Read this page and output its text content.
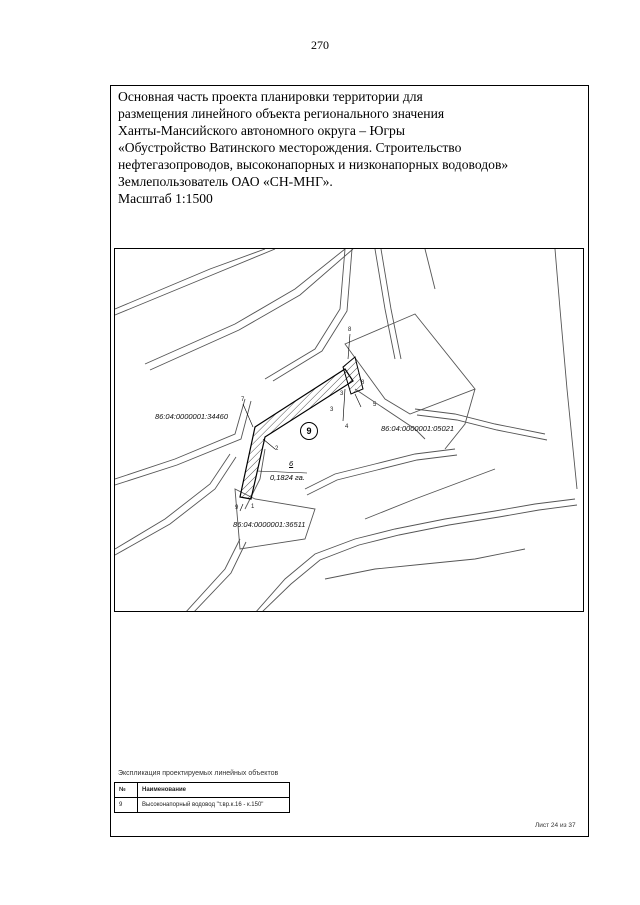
270
Основная часть проекта планировки территории для
размещения линейного объекта регионального значения
Ханты-Мансийского автономного округа – Югры
«Обустройство Ватинского месторождения. Строительство
нефтегазопроводов, высоконапорных и низконапорных водоводов»
Землепользователь ОАО «СН-МНГ».
Масштаб 1:1500
86:04:0000001:34460
86:04:0000001:05021
86:04:0000001:36511
9
6
0,1824 га.
8
7
2
3
4
5
3
1
9
8
Экспликация проектируемых линейных объектов
№	Наименование
9	Высоконапорный водовод "т.вр.к.16 - к.150"
Лист 24 из 37
